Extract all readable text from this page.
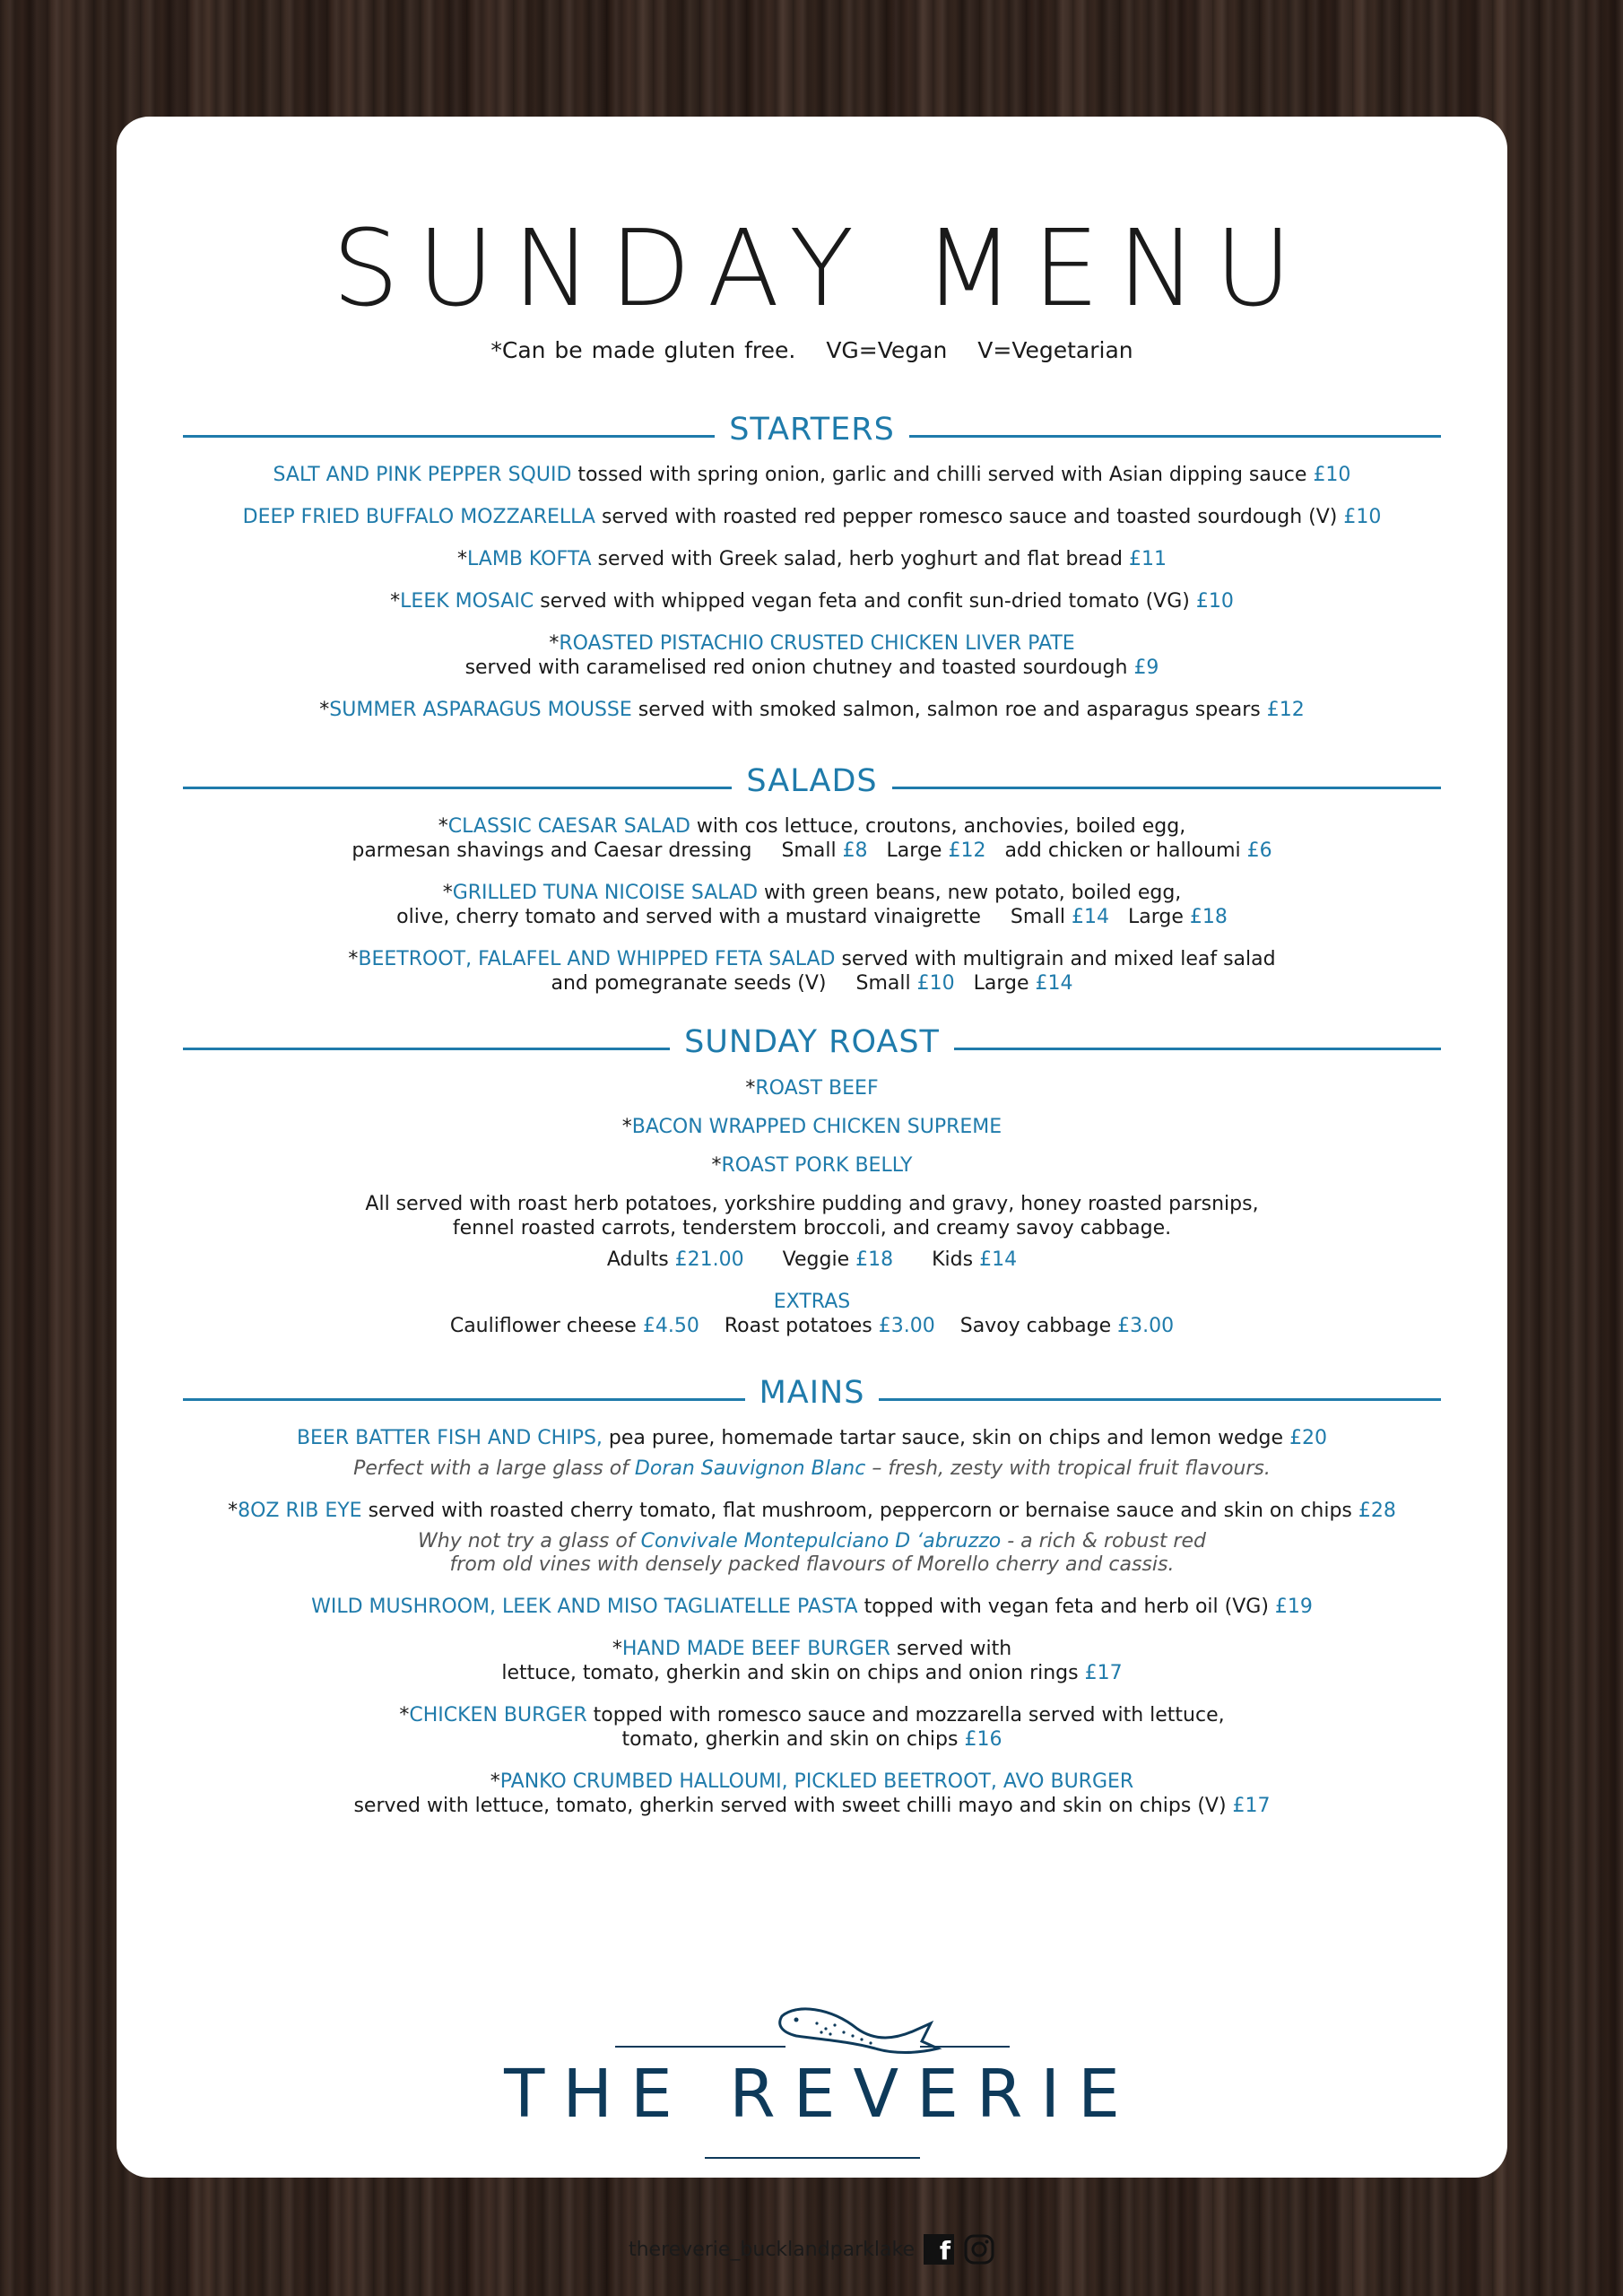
SUNDAY MENU
*Can be made gluten free. VG=Vegan V=Vegetarian
STARTERS
SALT AND PINK PEPPER SQUID tossed with spring onion, garlic and chilli served with Asian dipping sauce £10
DEEP FRIED BUFFALO MOZZARELLA served with roasted red pepper romesco sauce and toasted sourdough (V) £10
*LAMB KOFTA served with Greek salad, herb yoghurt and flat bread £11
*LEEK MOSAIC served with whipped vegan feta and confit sun-dried tomato (VG) £10
*ROASTED PISTACHIO CRUSTED CHICKEN LIVER PATE
served with caramelised red onion chutney and toasted sourdough £9
*SUMMER ASPARAGUS MOUSSE served with smoked salmon, salmon roe and asparagus spears £12
SALADS
*CLASSIC CAESAR SALAD with cos lettuce, croutons, anchovies, boiled egg,
parmesan shavings and Caesar dressing Small £8 Large £12 add chicken or halloumi £6
*GRILLED TUNA NICOISE SALAD with green beans, new potato, boiled egg,
olive, cherry tomato and served with a mustard vinaigrette Small £14 Large £18
*BEETROOT, FALAFEL AND WHIPPED FETA SALAD served with multigrain and mixed leaf salad
and pomegranate seeds (V) Small £10 Large £14
SUNDAY ROAST
*ROAST BEEF
*BACON WRAPPED CHICKEN SUPREME
*ROAST PORK BELLY
All served with roast herb potatoes, yorkshire pudding and gravy, honey roasted parsnips,
fennel roasted carrots, tenderstem broccoli, and creamy savoy cabbage.
Adults £21.00 Veggie £18 Kids £14
EXTRAS
Cauliflower cheese £4.50 Roast potatoes £3.00 Savoy cabbage £3.00
MAINS
BEER BATTER FISH AND CHIPS, pea puree, homemade tartar sauce, skin on chips and lemon wedge £20
Perfect with a large glass of Doran Sauvignon Blanc – fresh, zesty with tropical fruit flavours.
*8OZ RIB EYE served with roasted cherry tomato, flat mushroom, peppercorn or bernaise sauce and skin on chips £28
Why not try a glass of Convivale Montepulciano D ‘abruzzo - a rich & robust red
from old vines with densely packed flavours of Morello cherry and cassis.
WILD MUSHROOM, LEEK AND MISO TAGLIATELLE PASTA topped with vegan feta and herb oil (VG) £19
*HAND MADE BEEF BURGER served with
lettuce, tomato, gherkin and skin on chips and onion rings £17
*CHICKEN BURGER topped with romesco sauce and mozzarella served with lettuce,
tomato, gherkin and skin on chips £16
*PANKO CRUMBED HALLOUMI, PICKLED BEETROOT, AVO BURGER
served with lettuce, tomato, gherkin served with sweet chilli mayo and skin on chips (V) £17
THE REVERIE
thereverie_bucklandparklake f
